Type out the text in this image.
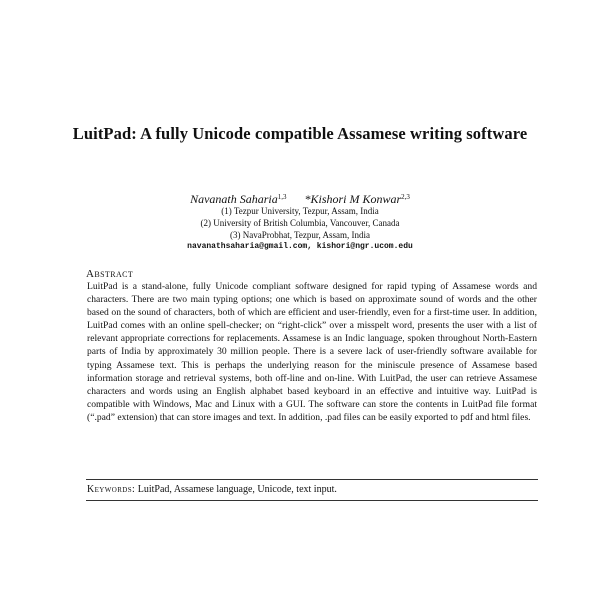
LuitPad: A fully Unicode compatible Assamese writing software
Navanath Saharia$^{1,3}$ *Kishori M Konwar$^{2,3}$
(1) Tezpur University, Tezpur, Assam, India
(2) University of British Columbia, Vancouver, Canada
(3) NavaProbhat, Tezpur, Assam, India
navanathsaharia@gmail.com, kishori@ngr.ucom.edu
Abstract
LuitPad is a stand-alone, fully Unicode compliant software designed for rapid typing of Assamese words and characters. There are two main typing options; one which is based on approximate sound of words and the other based on the sound of characters, both of which are efficient and user-friendly, even for a first-time user. In addition, LuitPad comes with an online spell-checker; on “right-click” over a misspelt word, presents the user with a list of relevant appropriate corrections for replacements. Assamese is an Indic language, spoken throughout North-Eastern parts of India by approximately 30 million people. There is a severe lack of user-friendly software available for typing Assamese text. This is perhaps the underlying reason for the miniscule presence of Assamese based information storage and retrieval systems, both off-line and on-line. With LuitPad, the user can retrieve Assamese characters and words using an English alphabet based keyboard in an effective and intuitive way. LuitPad is compatible with Windows, Mac and Linux with a GUI. The software can store the contents in LuitPad file format (“.pad” extension) that can store images and text. In addition, .pad files can be easily exported to pdf and html files.
Keywords: LuitPad, Assamese language, Unicode, text input.
